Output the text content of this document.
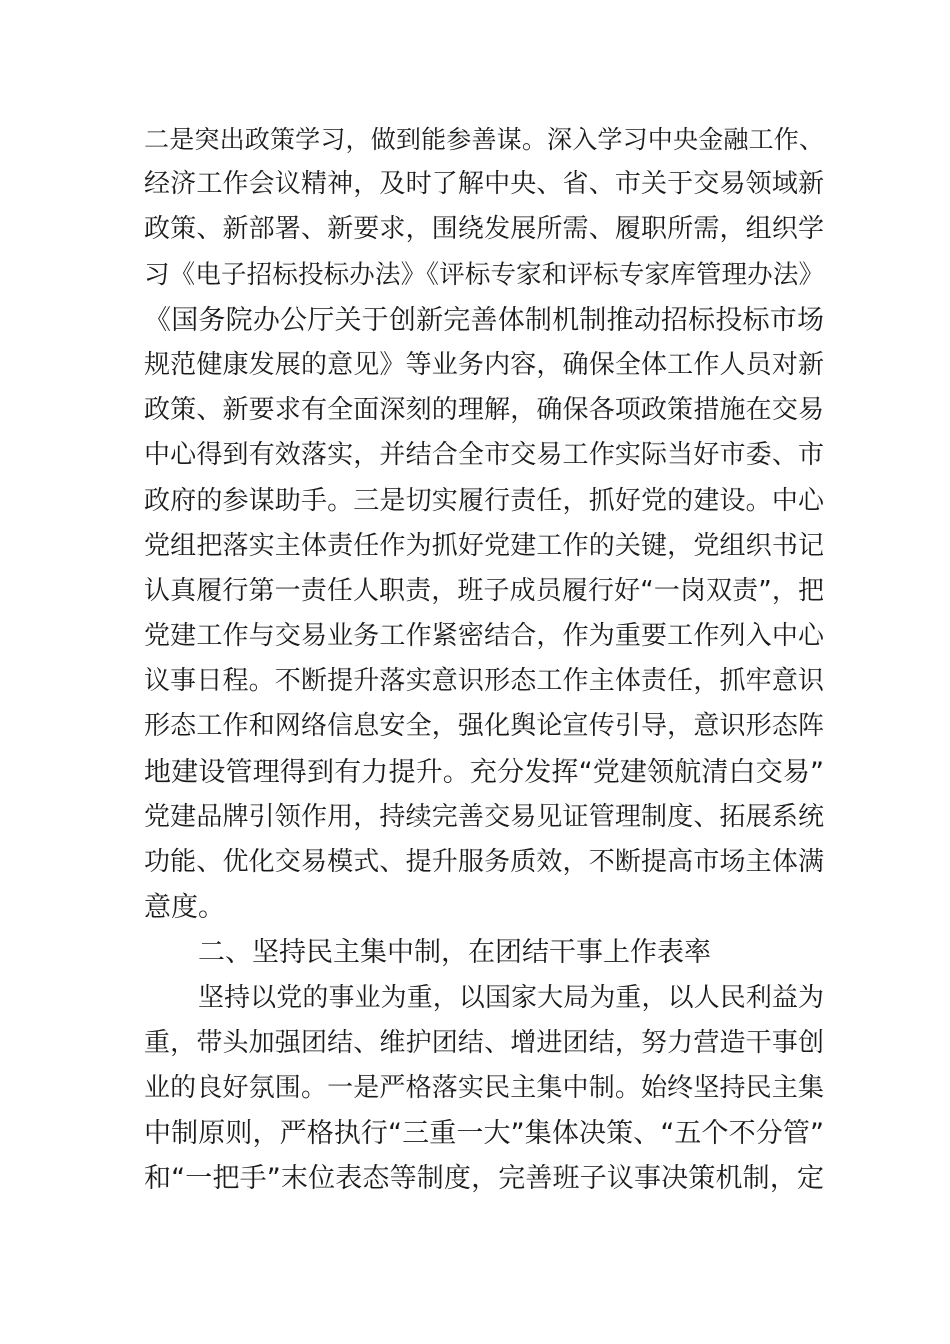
二是突出政策学习，做到能参善谋。深入学习中央金融工作、
经济工作会议精神，及时了解中央、省、市关于交易领域新
政策、新部署、新要求，围绕发展所需、履职所需，组织学
习《电子招标投标办法》《评标专家和评标专家库管理办法》
《国务院办公厅关于创新完善体制机制推动招标投标市场
规范健康发展的意见》等业务内容，确保全体工作人员对新
政策、新要求有全面深刻的理解，确保各项政策措施在交易
中心得到有效落实，并结合全市交易工作实际当好市委、市
政府的参谋助手。三是切实履行责任，抓好党的建设。中心
党组把落实主体责任作为抓好党建工作的关键，党组织书记
认真履行第一责任人职责，班子成员履行好“一岗双责”，把
党建工作与交易业务工作紧密结合，作为重要工作列入中心
议事日程。不断提升落实意识形态工作主体责任，抓牢意识
形态工作和网络信息安全，强化舆论宣传引导，意识形态阵
地建设管理得到有力提升。充分发挥“党建领航清白交易”
党建品牌引领作用，持续完善交易见证管理制度、拓展系统
功能、优化交易模式、提升服务质效，不断提高市场主体满
意度。
二、坚持民主集中制，在团结干事上作表率
坚持以党的事业为重，以国家大局为重，以人民利益为
重，带头加强团结、维护团结、增进团结，努力营造干事创
业的良好氛围。一是严格落实民主集中制。始终坚持民主集
中制原则，严格执行“三重一大”集体决策、“五个不分管”
和“一把手”末位表态等制度，完善班子议事决策机制，定
